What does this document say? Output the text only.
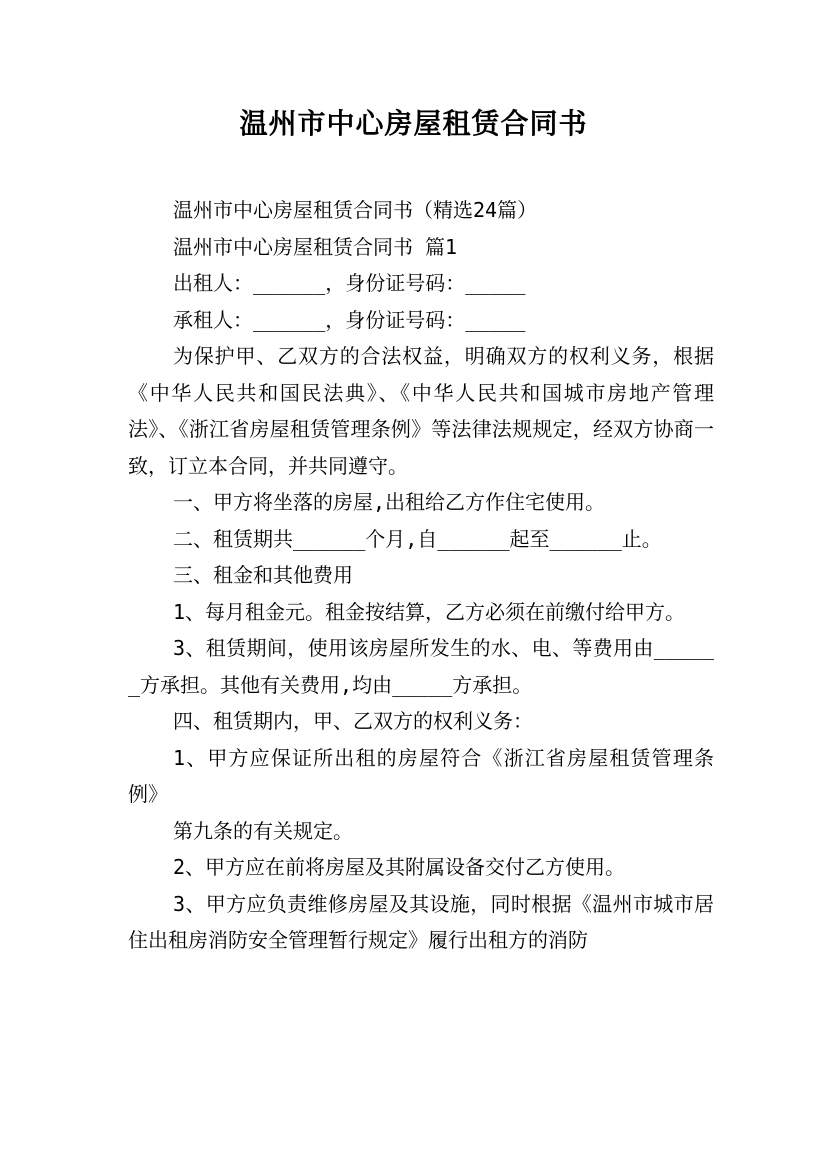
温州市中心房屋租赁合同书

温州市中心房屋租赁合同书（精选24篇）

温州市中心房屋租赁合同书 篇1

出租人：______，身份证号码：_____

承租人：______，身份证号码：_____

为保护甲、乙双方的合法权益，明确双方的权利义务，根据《中华人民共和国民法典》、《中华人民共和国城市房地产管理法》、《浙江省房屋租赁管理条例》等法律法规规定，经双方协商一致，订立本合同，并共同遵守。

一、甲方将坐落的房屋,出租给乙方作住宅使用。

二、租赁期共______个月,自______起至______止。

三、租金和其他费用

1、每月租金元。租金按结算，乙方必须在前缴付给甲方。

3、租赁期间，使用该房屋所发生的水、电、等费用由______方承担。其他有关费用,均由_____方承担。

四、租赁期内，甲、乙双方的权利义务：

1、甲方应保证所出租的房屋符合《浙江省房屋租赁管理条例》

第九条的有关规定。

2、甲方应在前将房屋及其附属设备交付乙方使用。

3、甲方应负责维修房屋及其设施，同时根据《温州市城市居住出租房消防安全管理暂行规定》履行出租方的消防
